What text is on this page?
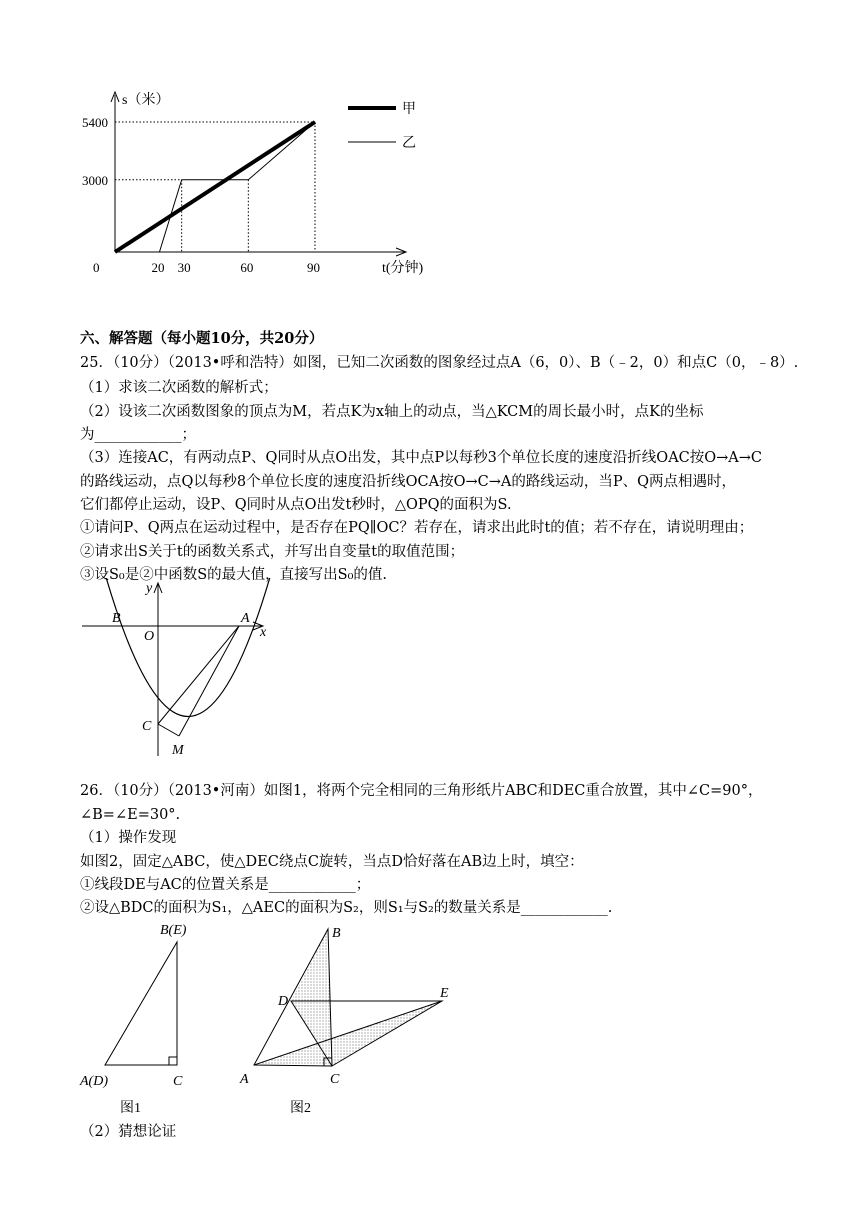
s（米）
t(分钟)
0	20 30	60	90
3000
5400
甲
乙
六、解答题（每小题10分，共20分）
25．（10分）（2013•呼和浩特）如图，已知二次函数的图象经过点A（6，0）、B（﹣2，0）和点C（0，﹣8）.
（1）求该二次函数的解析式；
（2）设该二次函数图象的顶点为M，若点K为x轴上的动点，当△KCM的周长最小时，点K的坐标
为____________；
（3）连接AC，有两动点P、Q同时从点O出发，其中点P以每秒3个单位长度的速度沿折线OAC按O→A→C
的路线运动，点Q以每秒8个单位长度的速度沿折线OCA按O→C→A的路线运动，当P、Q两点相遇时，
它们都停止运动，设P、Q同时从点O出发t秒时，△OPQ的面积为S.
①请问P、Q两点在运动过程中，是否存在PQ∥OC？若存在，请求出此时t的值；若不存在，请说明理由；
②请求出S关于t的函数关系式，并写出自变量t的取值范围；
③设S₀是②中函数S的最大值，直接写出S₀的值.
B
O
A
x
y
C
M
26．（10分）（2013•河南）如图1，将两个完全相同的三角形纸片ABC和DEC重合放置，其中∠C=90°，
∠B=∠E=30°.
（1）操作发现
如图2，固定△ABC，使△DEC绕点C旋转，当点D恰好落在AB边上时，填空：
①线段DE与AC的位置关系是____________；
②设△BDC的面积为S₁，△AEC的面积为S₂，则S₁与S₂的数量关系是____________.
B(E)
A(D)	C
图1
B
D
E
A	C
图2
（2）猜想论证
